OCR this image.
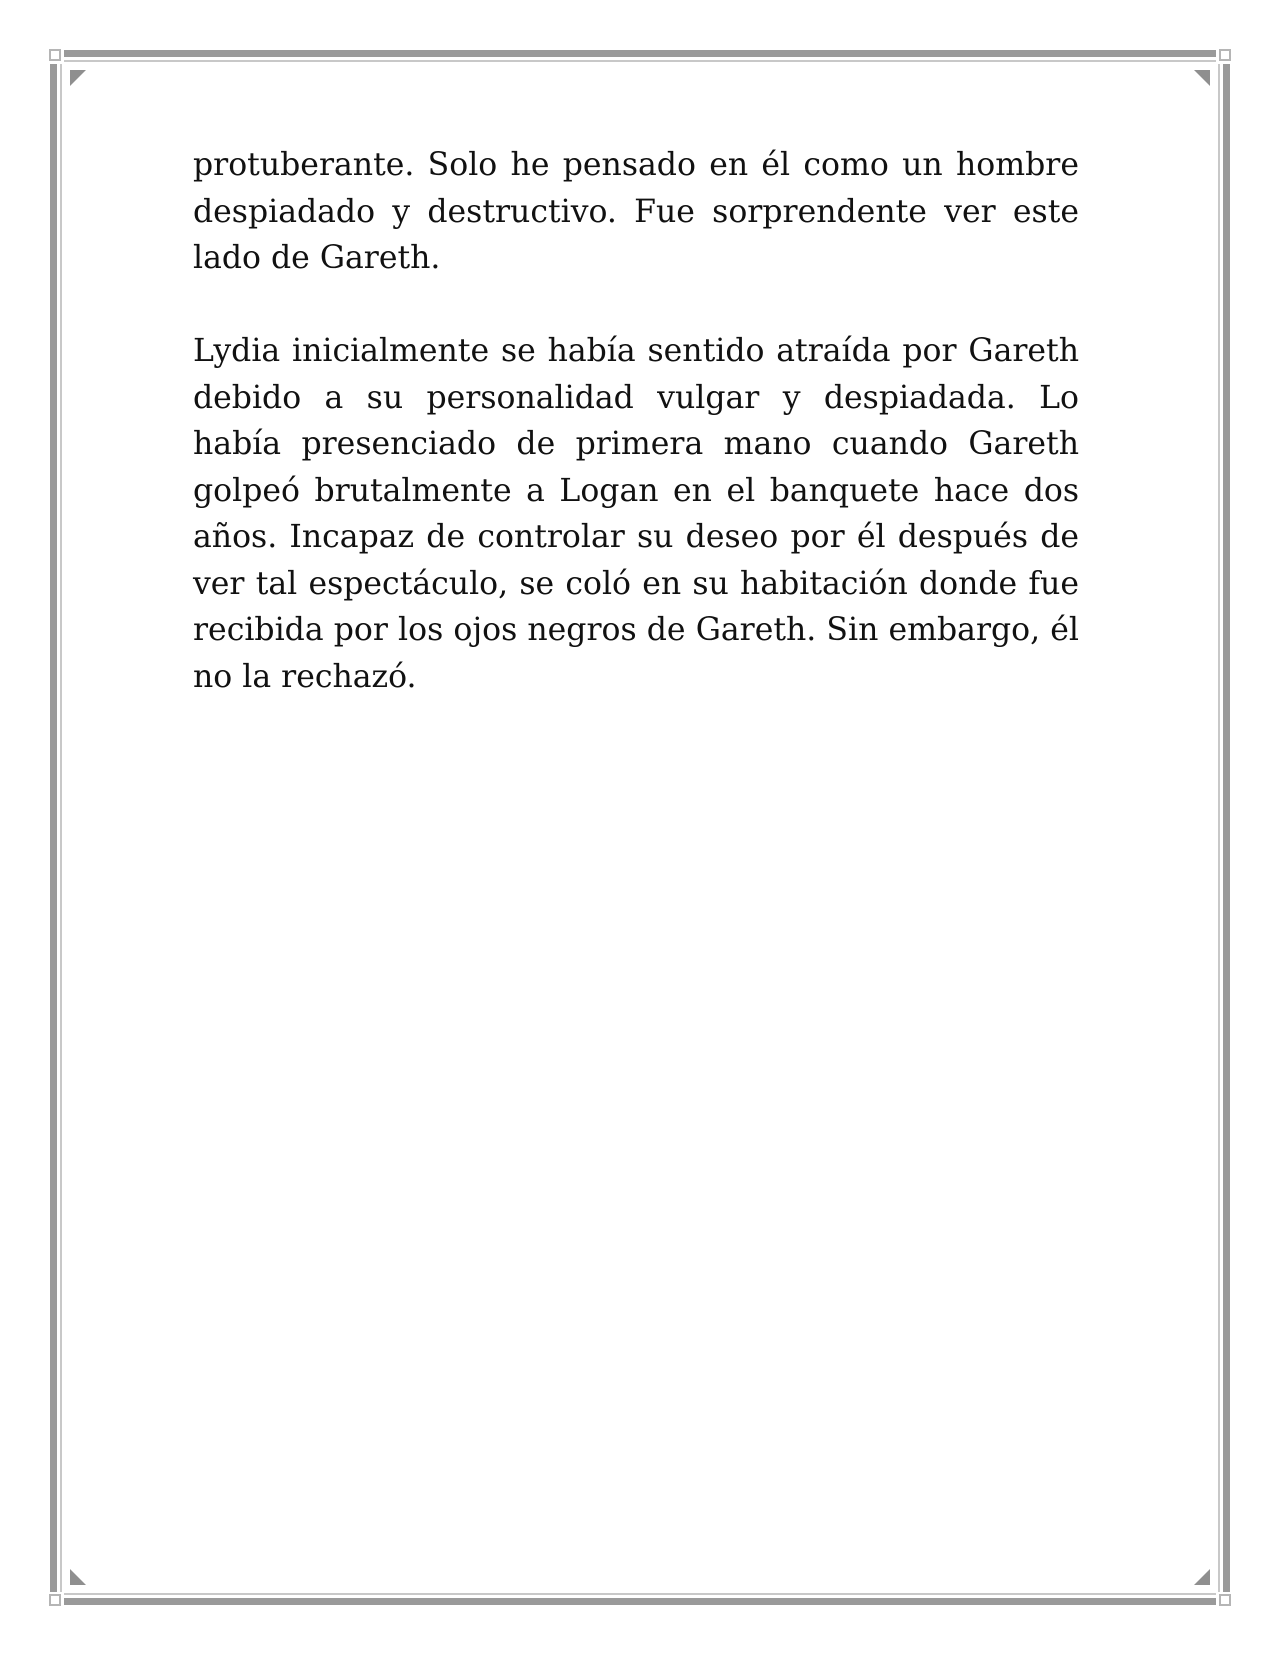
protuberante. Solo he pensado en él como un hombre despiadado y destructivo. Fue sorprendente ver este lado de Gareth.

Lydia inicialmente se había sentido atraída por Gareth debido a su personalidad vulgar y despiadada. Lo había presenciado de primera mano cuando Gareth golpeó brutalmente a Logan en el banquete hace dos años. Incapaz de controlar su deseo por él después de ver tal espectáculo, se coló en su habitación donde fue recibida por los ojos negros de Gareth. Sin embargo, él no la rechazó.
